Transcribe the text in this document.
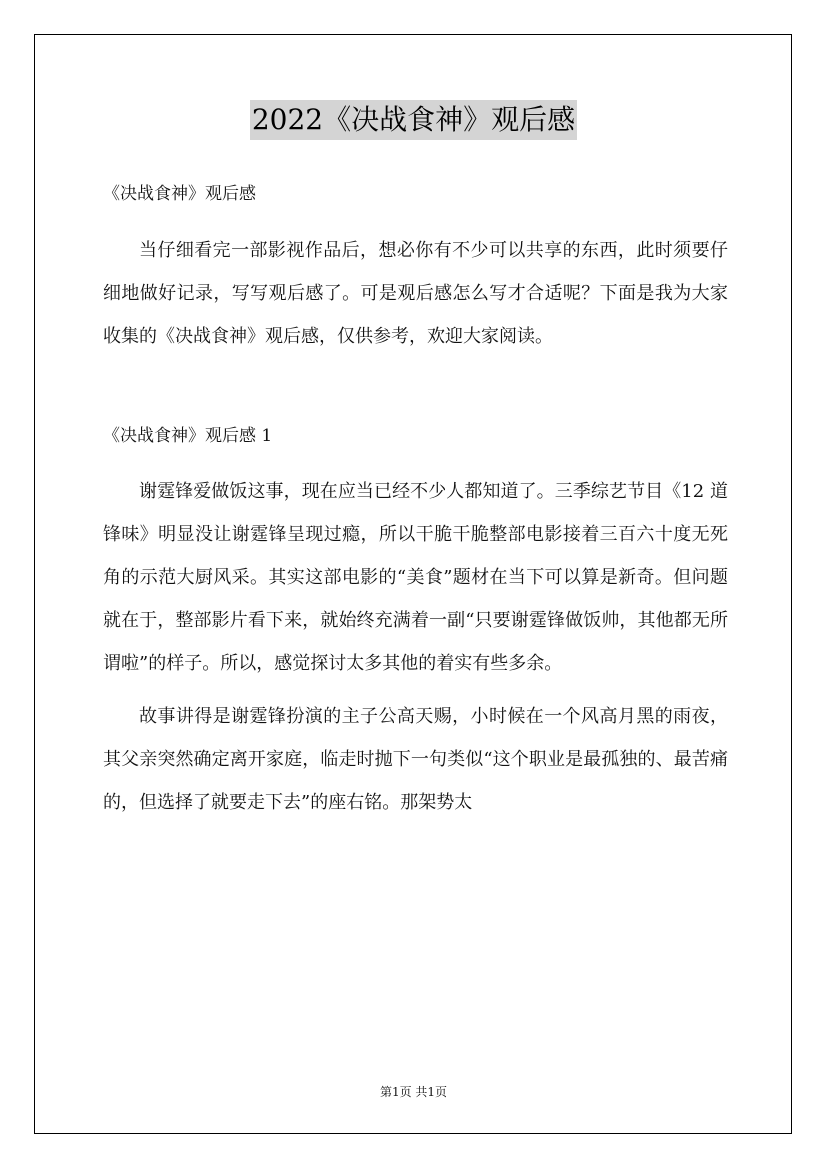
2022《决战食神》观后感

《决战食神》观后感

当仔细看完一部影视作品后，想必你有不少可以共享的东西，此时须要仔细地做好记录，写写观后感了。可是观后感怎么写才合适呢？下面是我为大家收集的《决战食神》观后感，仅供参考，欢迎大家阅读。

《决战食神》观后感 1

谢霆锋爱做饭这事，现在应当已经不少人都知道了。三季综艺节目《12 道锋味》明显没让谢霆锋呈现过瘾，所以干脆干脆整部电影接着三百六十度无死角的示范大厨风采。其实这部电影的“美食”题材在当下可以算是新奇。但问题就在于，整部影片看下来，就始终充满着一副“只要谢霆锋做饭帅，其他都无所谓啦”的样子。所以，感觉探讨太多其他的着实有些多余。

故事讲得是谢霆锋扮演的主子公高天赐，小时候在一个风高月黑的雨夜，其父亲突然确定离开家庭，临走时抛下一句类似“这个职业是最孤独的、最苦痛的，但选择了就要走下去”的座右铭。那架势太

第1页 共1页
